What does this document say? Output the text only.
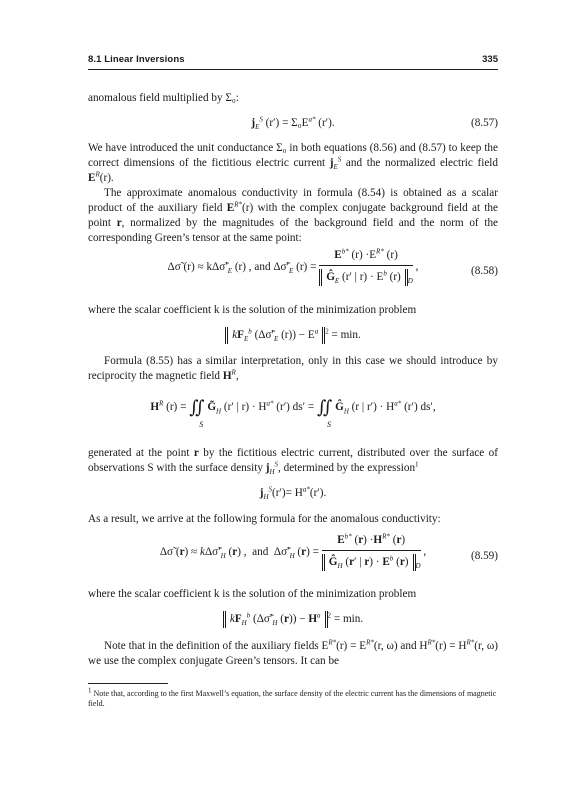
8.1 Linear Inversions	335
anomalous field multiplied by Σ₀:
$j_E^S$ $(r') = \Sigma_0E^{a*}$ (r′).	(8.57)
We have introduced the unit conductance Σ₀ in both equations (8.56) and (8.57) to keep the correct dimensions of the fictitious electric current $j_E^S$ and the normalized electric field $E^R(r)$.
The approximate anomalous conductivity in formula (8.54) is obtained as a scalar product of the auxiliary field $E^{R*}(r)$ with the complex conjugate background field at the point r, normalized by the magnitudes of the background field and the norm of the corresponding Green’s tensor at the same point:
Δσ̃ $(r) \approx k\Delta\sigmã'_E$ (r) , and $\Delta\sigmã'_E$ $(r) = \frac{E^{b*} (r) \cdot E^{R*} (r)}{Ĝ_E (r' | r) \cdot E^b (r) _D}$ ,	(8.58)
where the scalar coefficient k is the solution of the minimization problem
$kF_E^b$ ($\Delta\sigmã'_E$ $(r)) - E^a$ $^2$ = min.
Formula (8.55) has a similar interpretation, only in this case we should introduce by reciprocity the magnetic field $H^R$,
$H^R$ (r) = ∬
S
$G̃_H$ (r′ | $r) \cdot H^{a*}$ (r′) ds′ = ∬
S
$Ĝ_H$ (r | $r') \cdot H^{a*}$ (r′) ds′,
generated at the point r by the fictitious electric current, distributed over the surface of observations S with the surface density $j_H^S$, determined by the expression$^1$
$j_H^S(r')= H^{a*}(r')$.
As a result, we arrive at the following formula for the anomalous conductivity:
Δσ̃ $(r) \approx k\Delta\sigmã'_H$ (r) ,  and  $\Delta\sigmã'_H$ $(r) = \frac{E^{b*} (r) \cdot H^{R*} (r)}{Ĝ_H (r' | r) \cdot E^b (r) _D}$ ,	(8.59)
where the scalar coefficient k is the solution of the minimization problem
$kF_H^b$ ($\Delta\sigmã'_H$ $(r)) - H^a$ $^2$ = min.
Note that in the definition of the auxiliary fields $E^{R*}(r) = E^{R*}(r$, ω) and $H^{R*}(r) = H^{R*}(r$, ω) we use the complex conjugate Green’s tensors. It can be
$^1$ Note that, according to the first Maxwell’s equation, the surface density of the electric current has the dimensions of magnetic field.
